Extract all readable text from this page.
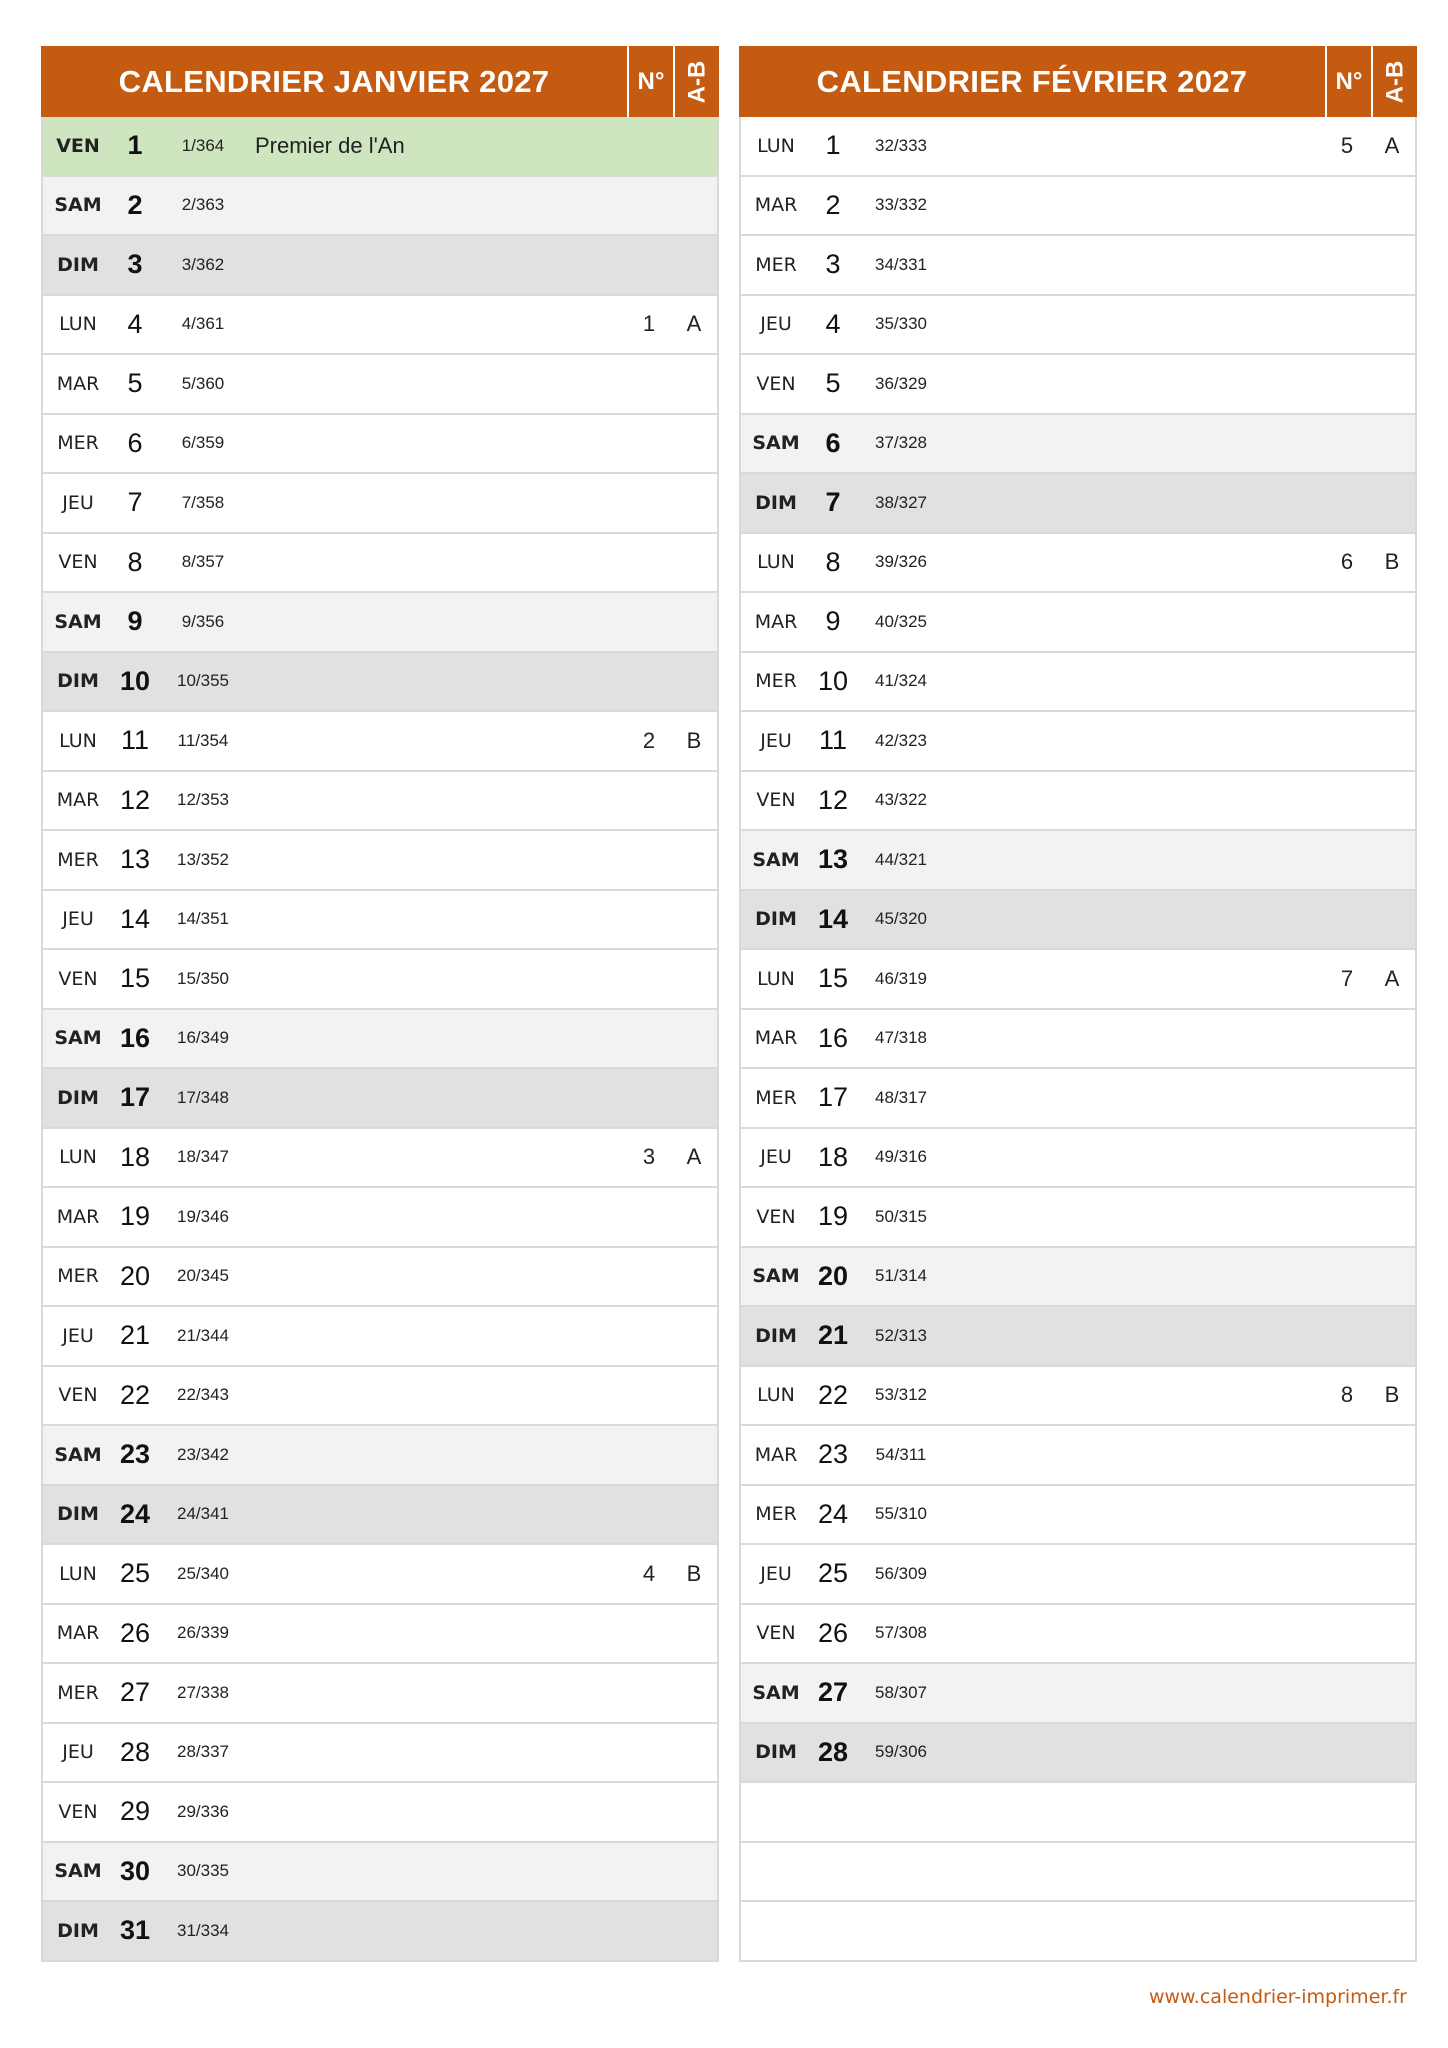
CALENDRIER JANVIER 2027	N° A-B
VEN	1	1/364	Premier de l'An
SAM 2	2/363
DIM	3	3/362
LUN	4	4/361	1	A
MAR	5	5/360
MER	6	6/359
JEU	7	7/358
VEN	8	8/357
SAM 9	9/356
DIM 10	10/355
LUN 11	11/354	2	B
MAR 12	12/353
MER 13	13/352
JEU 14	14/351
VEN 15	15/350
SAM 16	16/349
DIM 17	17/348
LUN 18	18/347	3	A
MAR 19	19/346
MER 20	20/345
JEU 21	21/344
VEN 22	22/343
SAM 23	23/342
DIM 24	24/341
LUN 25	25/340	4	B
MAR 26	26/339
MER 27	27/338
JEU 28	28/337
VEN 29	29/336
SAM 30	30/335
DIM 31	31/334
CALENDRIER FÉVRIER 2027	N° A-B
LUN	1	32/333	5	A
MAR	2	33/332
MER	3	34/331
JEU	4	35/330
VEN	5	36/329
SAM 6	37/328
DIM	7	38/327
LUN	8	39/326	6	B
MAR	9	40/325
MER 10	41/324
JEU	11	42/323
VEN 12	43/322
SAM 13	44/321
DIM 14	45/320
LUN 15	46/319	7	A
MAR 16	47/318
MER 17	48/317
JEU 18	49/316
VEN 19	50/315
SAM 20	51/314
DIM 21	52/313
LUN 22	53/312	8	B
MAR 23	54/311
MER 24	55/310
JEU 25	56/309
VEN 26	57/308
SAM 27	58/307
DIM 28	59/306
www.calendrier-imprimer.fr
